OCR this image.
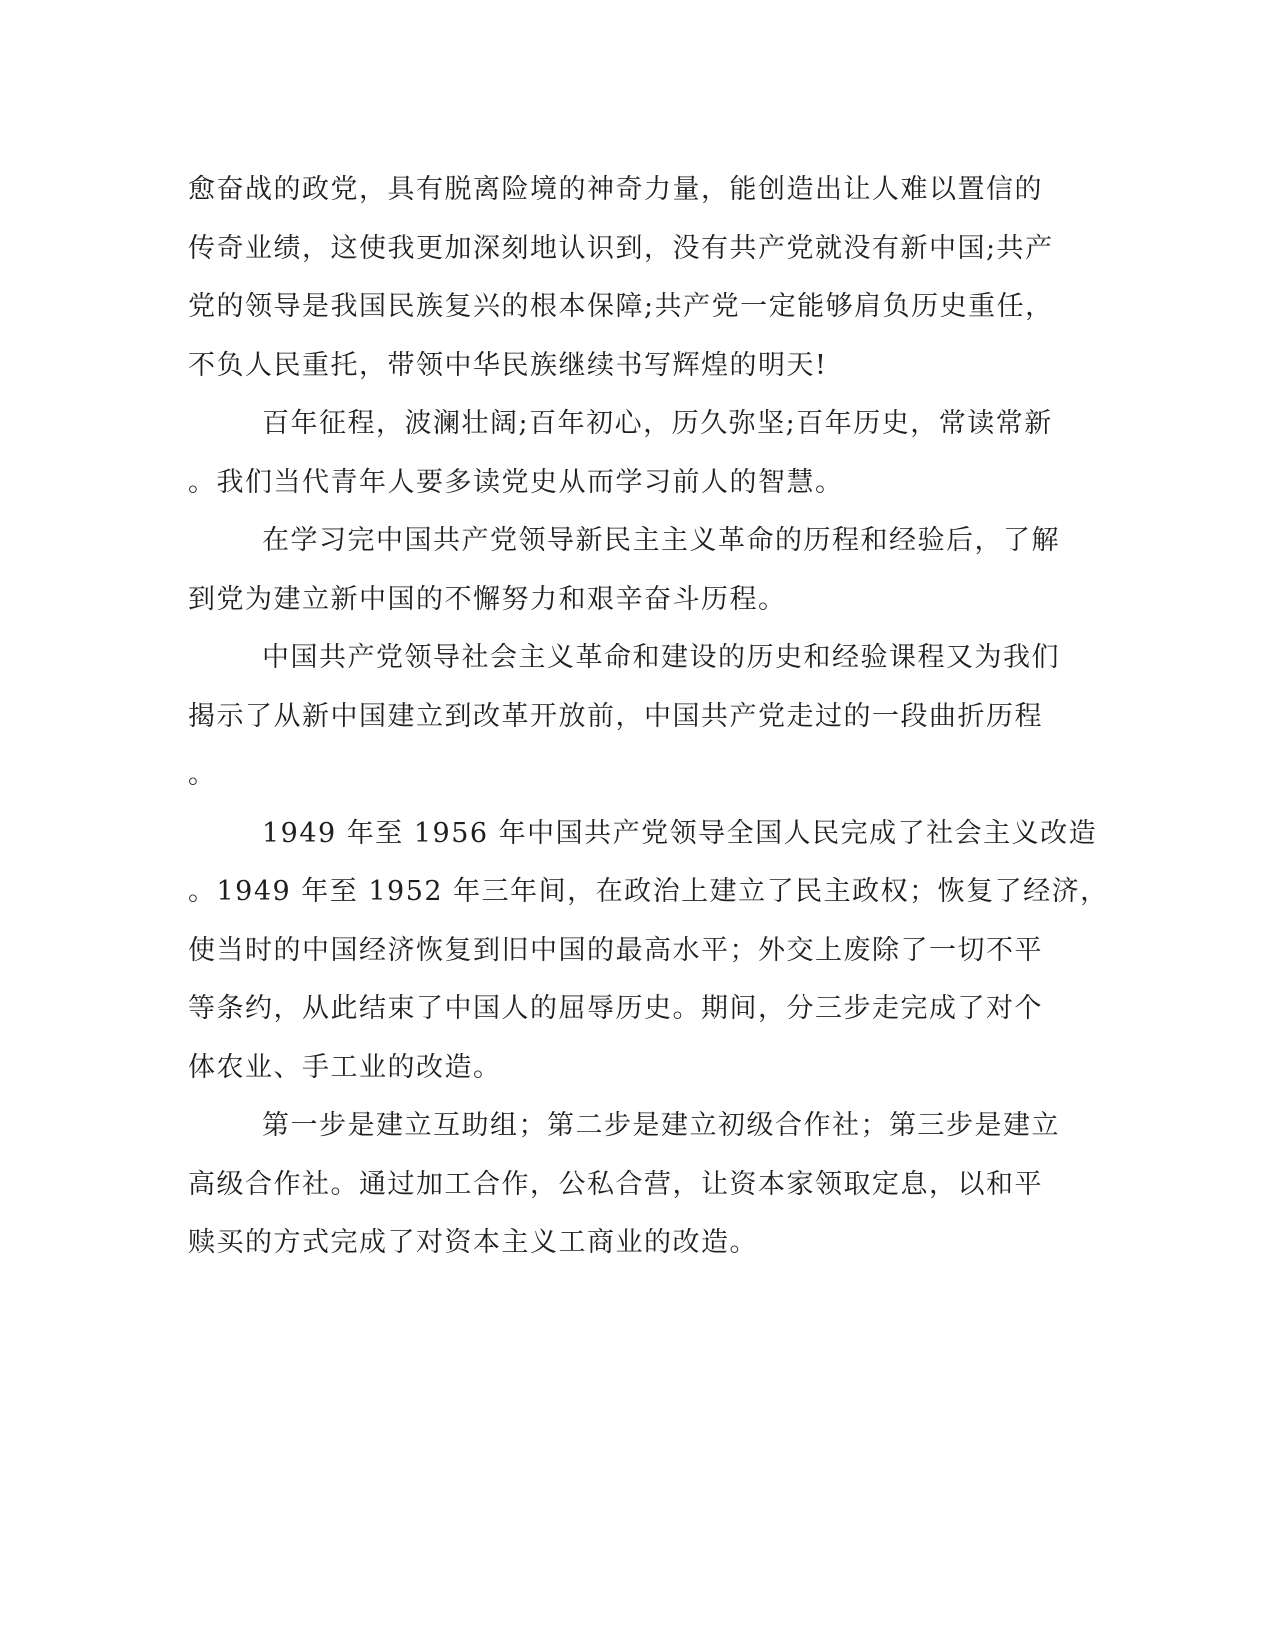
愈奋战的政党，具有脱离险境的神奇力量，能创造出让人难以置信的
传奇业绩，这使我更加深刻地认识到，没有共产党就没有新中国;共产
党的领导是我国民族复兴的根本保障;共产党一定能够肩负历史重任，
不负人民重托，带领中华民族继续书写辉煌的明天!
百年征程，波澜壮阔;百年初心，历久弥坚;百年历史，常读常新
。我们当代青年人要多读党史从而学习前人的智慧。
在学习完中国共产党领导新民主主义革命的历程和经验后，了解
到党为建立新中国的不懈努力和艰辛奋斗历程。
中国共产党领导社会主义革命和建设的历史和经验课程又为我们
揭示了从新中国建立到改革开放前，中国共产党走过的一段曲折历程
。
1949 年至 1956 年中国共产党领导全国人民完成了社会主义改造
。1949 年至 1952 年三年间，在政治上建立了民主政权；恢复了经济，
使当时的中国经济恢复到旧中国的最高水平；外交上废除了一切不平
等条约，从此结束了中国人的屈辱历史。期间，分三步走完成了对个
体农业、手工业的改造。
第一步是建立互助组；第二步是建立初级合作社；第三步是建立
高级合作社。通过加工合作，公私合营，让资本家领取定息，以和平
赎买的方式完成了对资本主义工商业的改造。
